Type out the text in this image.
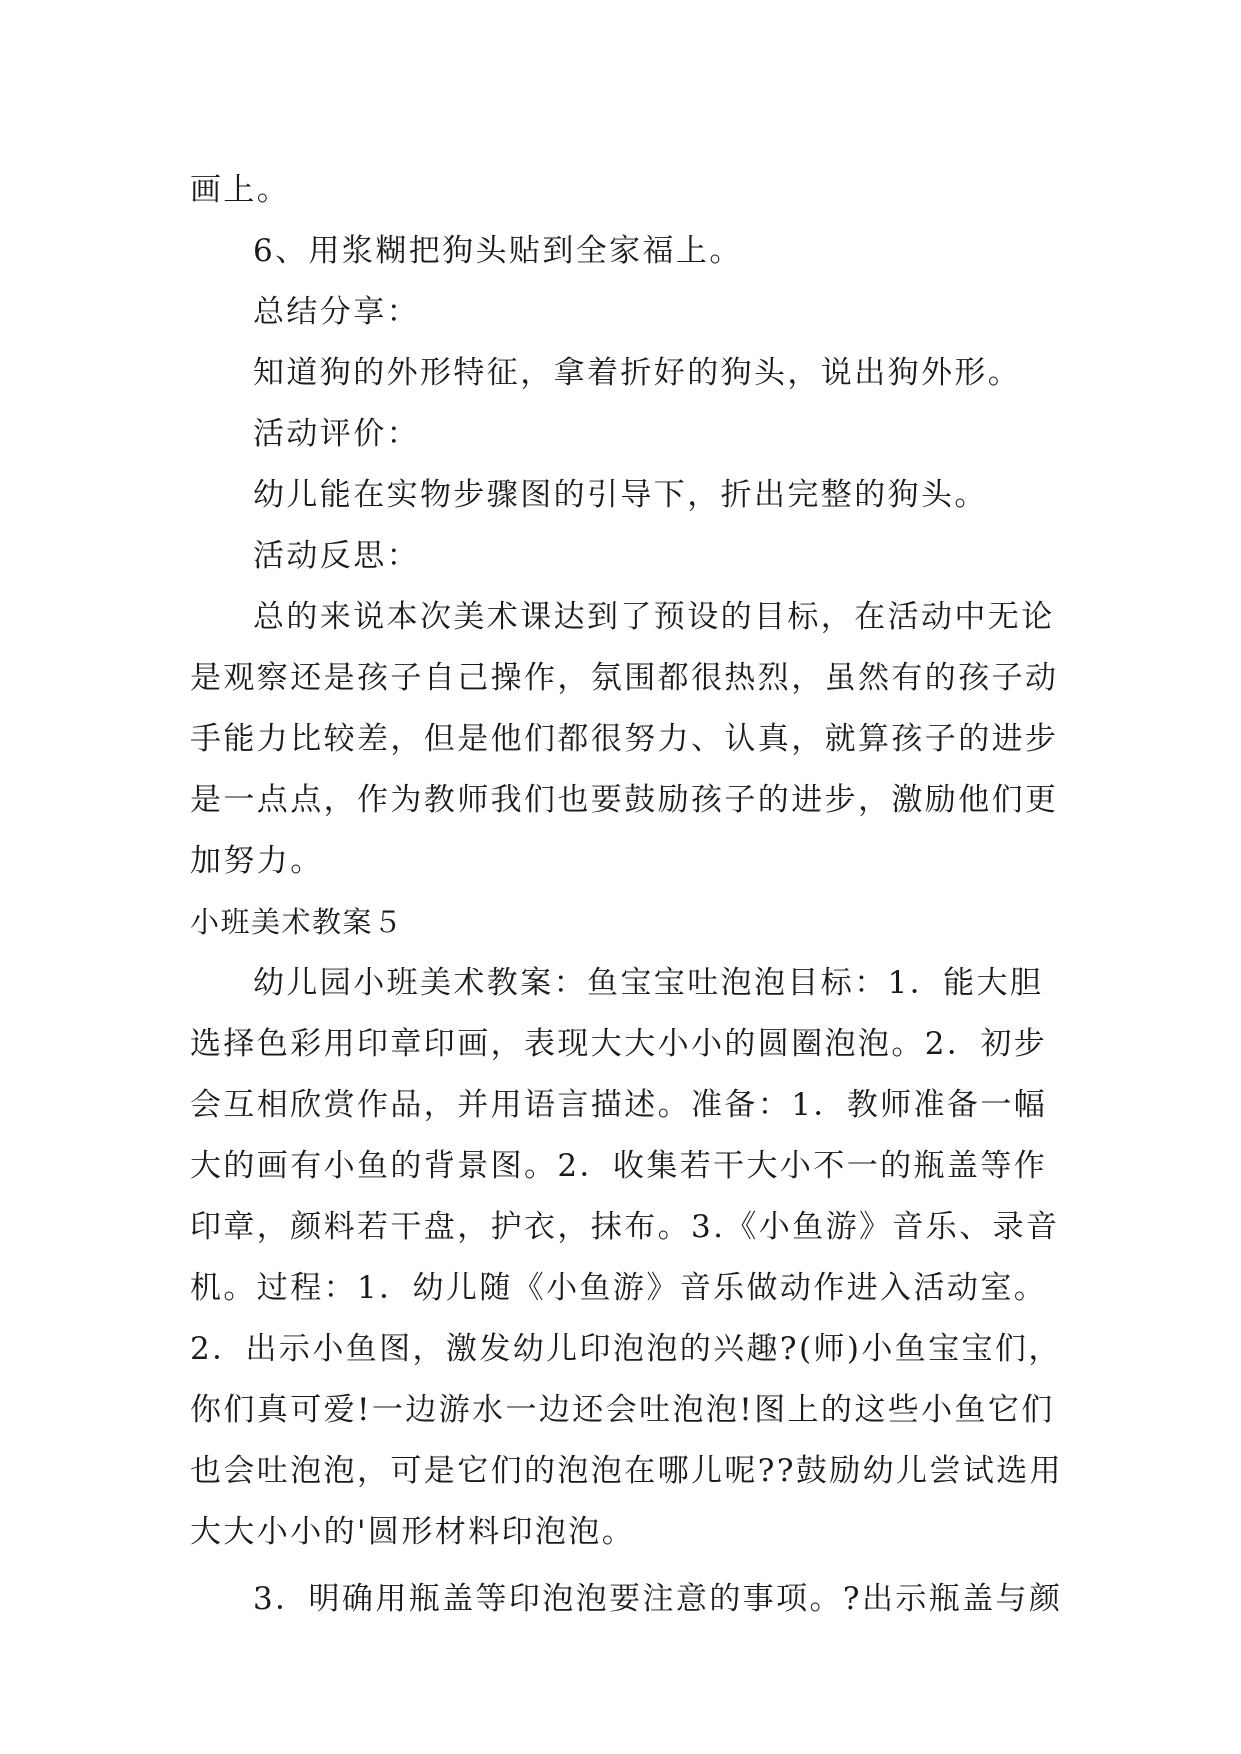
画上。
6、用浆糊把狗头贴到全家福上。
总结分享：
知道狗的外形特征，拿着折好的狗头，说出狗外形。
活动评价：
幼儿能在实物步骤图的引导下，折出完整的狗头。
活动反思：
总的来说本次美术课达到了预设的目标，在活动中无论
是观察还是孩子自己操作，氛围都很热烈，虽然有的孩子动
手能力比较差，但是他们都很努力、认真，就算孩子的进步
是一点点，作为教师我们也要鼓励孩子的进步，激励他们更
加努力。
小班美术教案５
幼儿园小班美术教案：鱼宝宝吐泡泡目标：1．能大胆
选择色彩用印章印画，表现大大小小的圆圈泡泡。2．初步
会互相欣赏作品，并用语言描述。准备：1．教师准备一幅
大的画有小鱼的背景图。2．收集若干大小不一的瓶盖等作
印章，颜料若干盘，护衣，抹布。3.《小鱼游》音乐、录音
机。过程：1．幼儿随《小鱼游》音乐做动作进入活动室。
2．出示小鱼图，激发幼儿印泡泡的兴趣?(师)小鱼宝宝们，
你们真可爱!一边游水一边还会吐泡泡!图上的这些小鱼它们
也会吐泡泡，可是它们的泡泡在哪儿呢??鼓励幼儿尝试选用
大大小小的'圆形材料印泡泡。
3．明确用瓶盖等印泡泡要注意的事项。?出示瓶盖与颜
